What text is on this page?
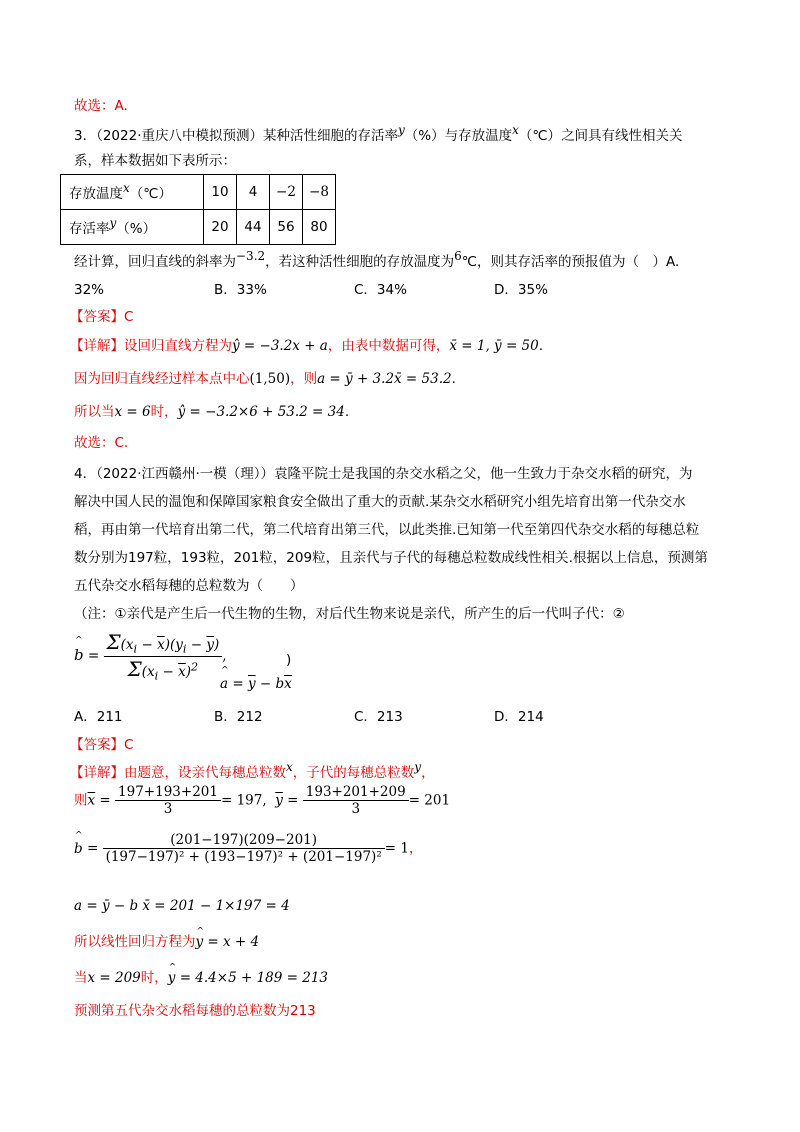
故选：A.
3．（2022·重庆八中模拟预测）某种活性细胞的存活率y（%）与存放温度x（℃）之间具有线性相关关
系，样本数据如下表所示：
存放温度x（℃）	10	4	−2	−8
存活率y（%）	20	44	56	80
经计算，回归直线的斜率为−3.2，若这种活性细胞的存放温度为6℃，则其存活率的预报值为（　）A.
32%	B．33%	C．34%	D．35%
【答案】C
【详解】设回归直线方程为ŷ = −3.2x + a，由表中数据可得，x̄ = 1, ȳ = 50.
因为回归直线经过样本点中心(1,50)，则a = ȳ + 3.2x̄ = 53.2.
所以当x = 6时，ŷ = −3.2×6 + 53.2 = 34.
故选：C.
4．（2022·江西赣州·一模（理））袁隆平院士是我国的杂交水稻之父，他一生致力于杂交水稻的研究，为
解决中国人民的温饱和保障国家粮食安全做出了重大的贡献.某杂交水稻研究小组先培育出第一代杂交水
稻，再由第一代培育出第二代，第二代培育出第三代，以此类推.已知第一代至第四代杂交水稻的每穗总粒
数分别为197粒，193粒，201粒，209粒，且亲代与子代的每穗总粒数成线性相关.根据以上信息，预测第
五代杂交水稻每穗的总粒数为（　　）
（注：①亲代是产生后一代生物的生物，对后代生物来说是亲代，所产生的后一代叫子代：②
^ $b = \frac{\Sigma(x_i - \overline{x})(y_i - \overline{y})}{\Sigma(x_i - \overline{x})^2}$ ,
^ $a = \overline{y} - b\overline{x}$
)
A．211	B．212	C．213	D．214
【答案】C
【详解】由题意，设亲代每穗总粒数x，子代的每穗总粒数y，
则$\overline{x} = \frac{197+193+201}{3} = 197$,  $\overline{y} = \frac{193+201+209}{3} = 201$
^ $b = \frac{(201-197)(209-201)}{\text{(197−197)² + (193−197)² + (201−197)²}} = 1$，
a = ȳ − b x̄ = 201 − 1×197 = 4
所以线性回归方程为^ y = x + 4
当x = 209时，^ y = 4.4×5 + 189 = 213
预测第五代杂交水稻每穗的总粒数为213
